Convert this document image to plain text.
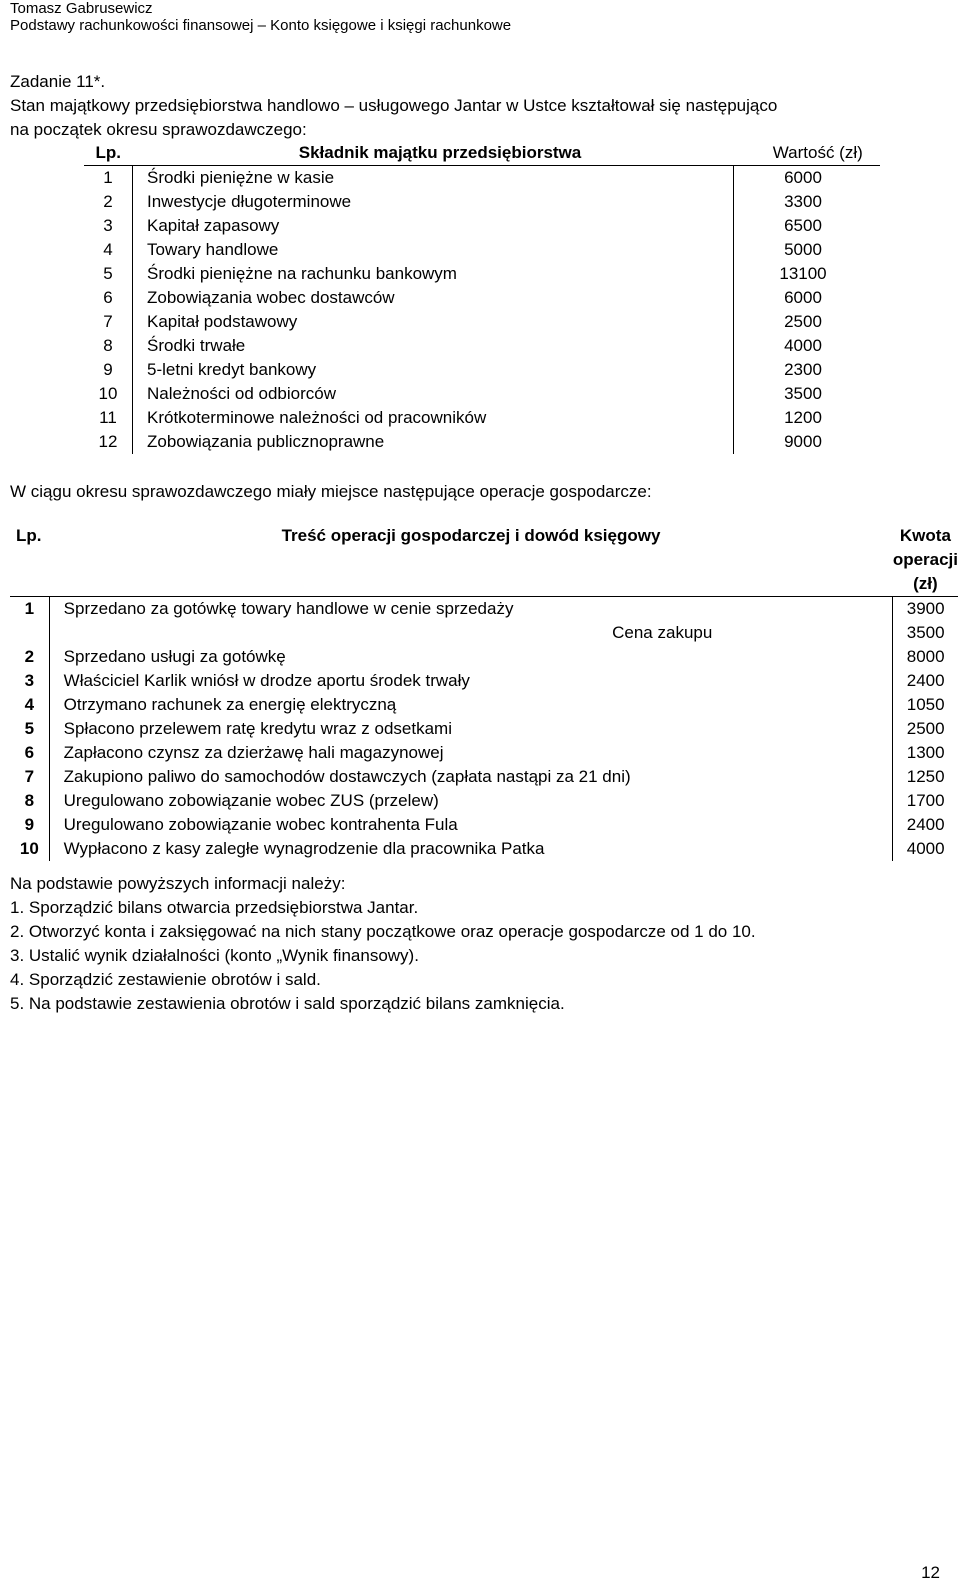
Tomasz Gabrusewicz
Podstawy rachunkowości finansowej – Konto księgowe i księgi rachunkowe
Zadanie 11*.
Stan majątkowy przedsiębiorstwa handlowo – usługowego Jantar w Ustce kształtował się następująco
na początek okresu sprawozdawczego:
Lp.	Składnik majątku przedsiębiorstwa	Wartość (zł)
1	Środki pieniężne w kasie	6000
2	Inwestycje długoterminowe	3300
3	Kapitał zapasowy	6500
4	Towary handlowe	5000
5	Środki pieniężne na rachunku bankowym	13100
6	Zobowiązania wobec dostawców	6000
7	Kapitał podstawowy	2500
8	Środki trwałe	4000
9	5-letni kredyt bankowy	2300
10	Należności od odbiorców	3500
11	Krótkoterminowe należności od pracowników	1200
12	Zobowiązania publicznoprawne	9000
W ciągu okresu sprawozdawczego miały miejsce następujące operacje gospodarcze:
Lp.	Treść operacji gospodarczej i dowód księgowy	Kwota operacji
(zł)

1	Sprzedano za gotówkę towary handlowe w cenie sprzedaży	3900
	Cena zakupu	3500
2	Sprzedano usługi za gotówkę	8000
3	Właściciel Karlik wniósł w drodze aportu środek trwały	2400
4	Otrzymano rachunek za energię elektryczną	1050
5	Spłacono przelewem ratę kredytu wraz z odsetkami	2500
6	Zapłacono czynsz za dzierżawę hali magazynowej	1300
7	Zakupiono paliwo do samochodów dostawczych (zapłata nastąpi za 21 dni)	1250
8	Uregulowano zobowiązanie wobec ZUS (przelew)	1700
9	Uregulowano zobowiązanie wobec kontrahenta Fula	2400
10	Wypłacono z kasy zaległe wynagrodzenie dla pracownika Patka	4000
Na podstawie powyższych informacji należy:
1. Sporządzić bilans otwarcia przedsiębiorstwa Jantar.
2. Otworzyć konta i zaksięgować na nich stany początkowe oraz operacje gospodarcze od 1 do 10.
3. Ustalić wynik działalności (konto „Wynik finansowy).
4. Sporządzić zestawienie obrotów i sald.
5. Na podstawie zestawienia obrotów i sald sporządzić bilans zamknięcia.
12
